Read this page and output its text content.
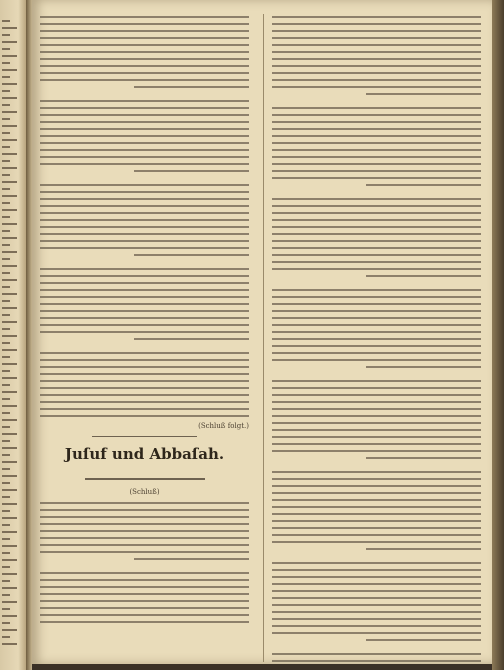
(Schluß folgt.)
Juſuf und Abbaſah.
(Schluß)
